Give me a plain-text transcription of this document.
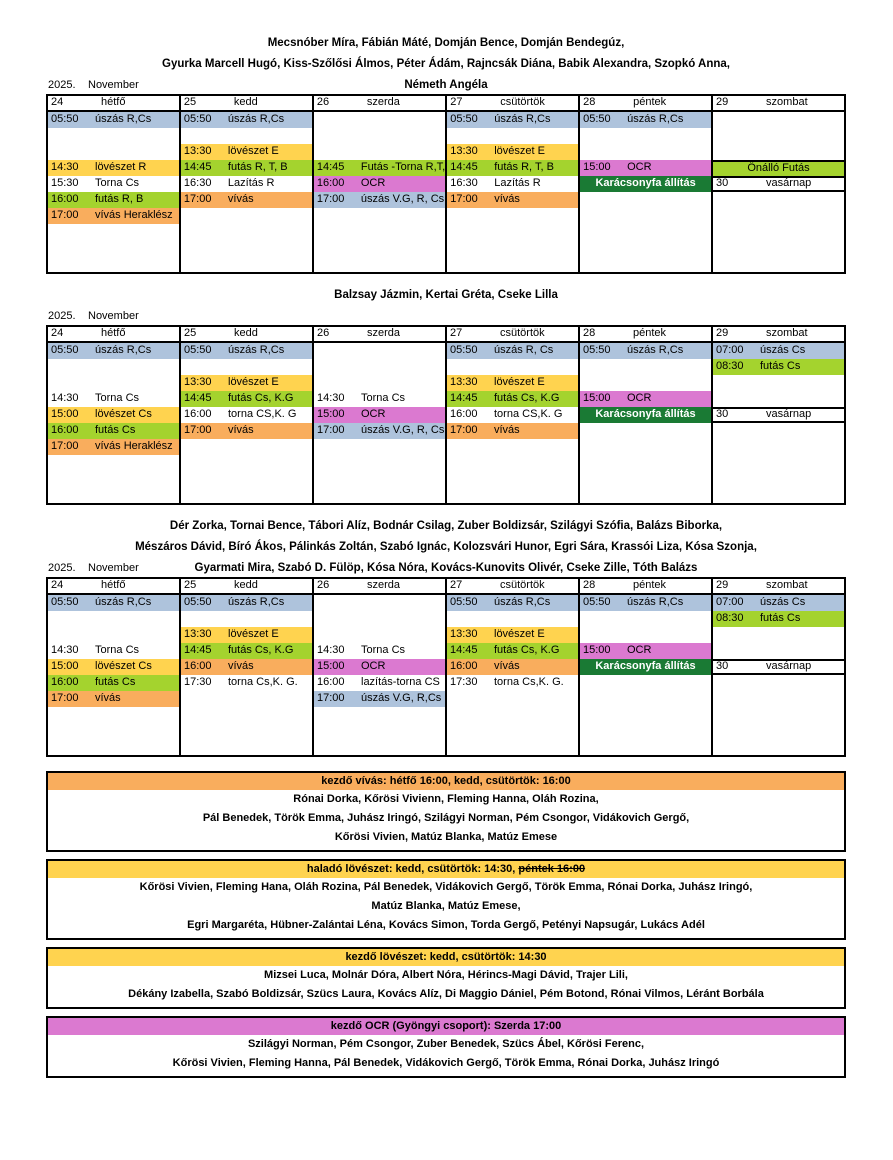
Mecsnóber Míra, Fábián Máté, Domján Bence, Domján Bendegúz,
Gyurka Marcell Hugó, Kiss-Szőlősi Álmos, Péter Ádám, Rajncsák Diána, Babik Alexandra, Szopkó Anna,
2025. November	Németh Angéla
24	hétfő
05:50 úszás R,Cs
14:30 lövészet R
15:30 Torna Cs
16:00 futás R, B
17:00 vívás Heraklész
25	kedd
05:50 úszás R,Cs
13:30 lövészet E
14:45 futás R, T, B
16:30 Lazítás R
17:00 vívás
26	szerda
14:45 Futás -Torna R,T,
16:00 OCR
17:00 úszás V.G, R, Cs
27	csütörtök
05:50 úszás R,Cs
13:30 lövészet E
14:45 futás R, T, B
16:30 Lazítás R
17:00 vívás
28	péntek
05:50 úszás R,Cs
15:00 OCR
Karácsonyfa állítás
29	szombat
Önálló Futás
30	vasárnap
Balzsay Jázmin, Kertai Gréta, Cseke Lilla
2025. November
24	hétfő
05:50 úszás R,Cs
14:30 Torna Cs
15:00 lövészet Cs
16:00 futás Cs
17:00 vívás Heraklész
25	kedd
05:50 úszás R,Cs
13:30 lövészet E
14:45 futás Cs, K.G
16:00 torna CS,K. G
17:00 vívás
26	szerda
14:30 Torna Cs
15:00 OCR
17:00 úszás V.G, R, Cs
27	csütörtök
05:50 úszás R, Cs
13:30 lövészet E
14:45 futás Cs, K.G
16:00 torna CS,K. G
17:00 vívás
28	péntek
05:50 úszás R,Cs
15:00 OCR
Karácsonyfa állítás
29	szombat
07:00 úszás Cs
08:30 futás Cs
30	vasárnap
Dér Zorka, Tornai Bence, Tábori Alíz, Bodnár Csilag, Zuber Boldizsár, Szilágyi Szófia, Balázs Biborka,
Mészáros Dávid, Bíró Ákos, Pálinkás Zoltán, Szabó Ignác, Kolozsvári Hunor, Egri Sára, Krassói Liza, Kósa Szonja,
2025. November	Gyarmati Mira, Szabó D. Fülöp, Kósa Nóra, Kovács-Kunovits Olivér, Cseke Zille, Tóth Balázs
24	hétfő
05:50 úszás R,Cs
14:30 Torna Cs
15:00 lövészet Cs
16:00 futás Cs
17:00 vívás
25	kedd
05:50 úszás R,Cs
13:30 lövészet E
14:45 futás Cs, K.G
16:00 vívás
17:30 torna Cs,K. G.
26	szerda
14:30 Torna Cs
15:00 OCR
16:00 lazítás-torna CS
17:00 úszás V.G, R,Cs
27	csütörtök
05:50 úszás R,Cs
13:30 lövészet E
14:45 futás Cs, K.G
16:00 vívás
17:30 torna Cs,K. G.
28	péntek
05:50 úszás R,Cs
15:00 OCR
Karácsonyfa állítás
29	szombat
07:00 úszás Cs
08:30 futás Cs
30	vasárnap
kezdő vívás: hétfő 16:00, kedd, csütörtök: 16:00
Rónai Dorka, Kőrösi Vivienn, Fleming Hanna, Oláh Rozina,
Pál Benedek, Török Emma, Juhász Iringó, Szilágyi Norman, Pém Csongor, Vidákovich Gergő,
Kőrösi Vivien, Matúz Blanka, Matúz Emese
haladó lövészet: kedd, csütörtök: 14:30, péntek 16:00
Kőrösi Vivien, Fleming Hana, Oláh Rozina, Pál Benedek, Vidákovich Gergő, Török Emma, Rónai Dorka, Juhász Iringó,
Matúz Blanka, Matúz Emese,
Egri Margaréta, Hübner-Zalántai Léna, Kovács Simon, Torda Gergő, Petényi Napsugár, Lukács Adél
kezdő lövészet: kedd, csütörtök: 14:30
Mizsei Luca, Molnár Dóra, Albert Nóra, Hérincs-Magi Dávid, Trajer Lili,
Dékány Izabella, Szabó Boldizsár, Szücs Laura, Kovács Alíz, Di Maggio Dániel, Pém Botond, Rónai Vilmos, Léránt Borbála
kezdő OCR (Gyöngyi csoport): Szerda 17:00
Szilágyi Norman, Pém Csongor, Zuber Benedek, Szücs Ábel, Kőrösi Ferenc,
Kőrösi Vivien, Fleming Hanna, Pál Benedek, Vidákovich Gergő, Török Emma, Rónai Dorka, Juhász Iringó
